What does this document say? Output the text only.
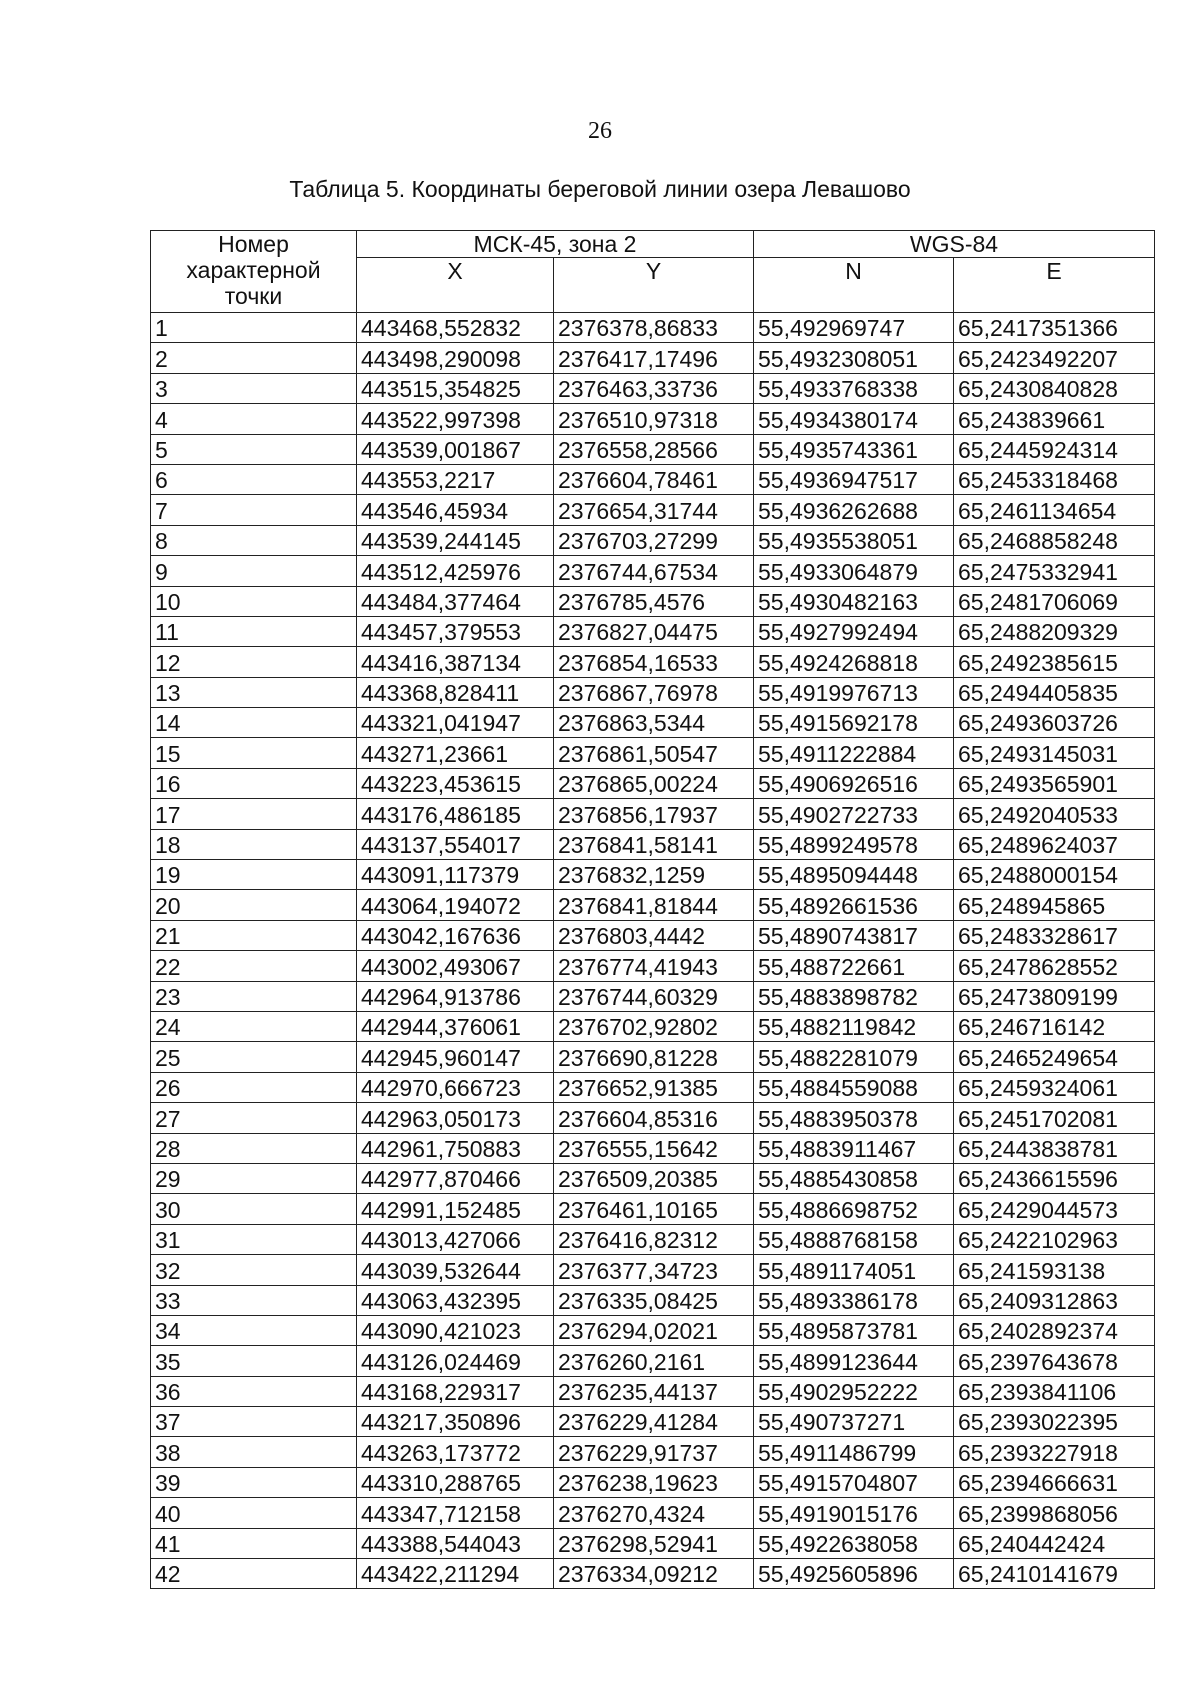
26
Таблица 5. Координаты береговой линии озера Левашово
Номер характерной точки	МСК-45, зона 2		WGS-84	
	X	Y	N	E
1	443468,552832	2376378,86833	55,492969747	65,2417351366
2	443498,290098	2376417,17496	55,4932308051	65,2423492207
3	443515,354825	2376463,33736	55,4933768338	65,2430840828
4	443522,997398	2376510,97318	55,4934380174	65,243839661
5	443539,001867	2376558,28566	55,4935743361	65,2445924314
6	443553,2217	2376604,78461	55,4936947517	65,2453318468
7	443546,45934	2376654,31744	55,4936262688	65,2461134654
8	443539,244145	2376703,27299	55,4935538051	65,2468858248
9	443512,425976	2376744,67534	55,4933064879	65,2475332941
10	443484,377464	2376785,4576	55,4930482163	65,2481706069
11	443457,379553	2376827,04475	55,4927992494	65,2488209329
12	443416,387134	2376854,16533	55,4924268818	65,2492385615
13	443368,828411	2376867,76978	55,4919976713	65,2494405835
14	443321,041947	2376863,5344	55,4915692178	65,2493603726
15	443271,23661	2376861,50547	55,4911222884	65,2493145031
16	443223,453615	2376865,00224	55,4906926516	65,2493565901
17	443176,486185	2376856,17937	55,4902722733	65,2492040533
18	443137,554017	2376841,58141	55,4899249578	65,2489624037
19	443091,117379	2376832,1259	55,4895094448	65,2488000154
20	443064,194072	2376841,81844	55,4892661536	65,248945865
21	443042,167636	2376803,4442	55,4890743817	65,2483328617
22	443002,493067	2376774,41943	55,488722661	65,2478628552
23	442964,913786	2376744,60329	55,4883898782	65,2473809199
24	442944,376061	2376702,92802	55,4882119842	65,246716142
25	442945,960147	2376690,81228	55,4882281079	65,2465249654
26	442970,666723	2376652,91385	55,4884559088	65,2459324061
27	442963,050173	2376604,85316	55,4883950378	65,2451702081
28	442961,750883	2376555,15642	55,4883911467	65,2443838781
29	442977,870466	2376509,20385	55,4885430858	65,2436615596
30	442991,152485	2376461,10165	55,4886698752	65,2429044573
31	443013,427066	2376416,82312	55,4888768158	65,2422102963
32	443039,532644	2376377,34723	55,4891174051	65,241593138
33	443063,432395	2376335,08425	55,4893386178	65,2409312863
34	443090,421023	2376294,02021	55,4895873781	65,2402892374
35	443126,024469	2376260,2161	55,4899123644	65,2397643678
36	443168,229317	2376235,44137	55,4902952222	65,2393841106
37	443217,350896	2376229,41284	55,490737271	65,2393022395
38	443263,173772	2376229,91737	55,4911486799	65,2393227918
39	443310,288765	2376238,19623	55,4915704807	65,2394666631
40	443347,712158	2376270,4324	55,4919015176	65,2399868056
41	443388,544043	2376298,52941	55,4922638058	65,240442424
42	443422,211294	2376334,09212	55,4925605896	65,2410141679
